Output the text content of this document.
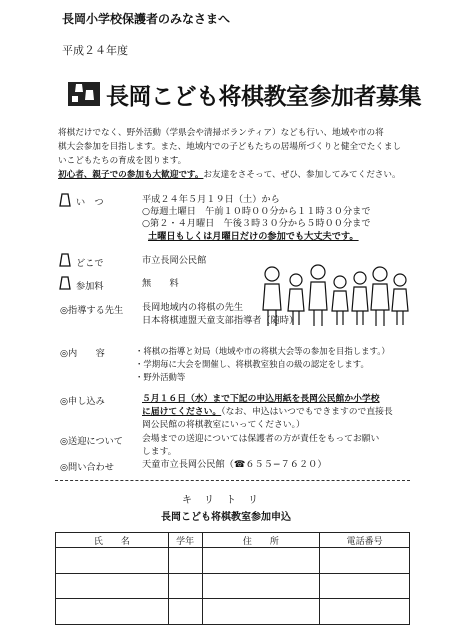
長岡小学校保護者のみなさまへ
平成２４年度
長岡こども将棋教室参加者募集
将棋だけでなく、野外活動（学県会や清掃ボランティア）なども行い、地域や市の将
棋大会参加を目指します。また、地域内での子どもたちの居場所づくりと健全でたくまし
いこどもたちの育成を図ります。
初心者、親子での参加も大歓迎です。お友達をさそって、ぜひ、参加してみてください。
い　つ	平成２４年５月１９日（土）から
○毎週土曜日　午前１０時００分から１１時３０分まで
○第２・４月曜日　午後３時３０分から５時００分まで
土曜日もしくは月曜日だけの参加でも大丈夫です。
どこで	市立長岡公民館
参加料	無　　料
◎指導する先生 長岡地域内の将棋の先生
日本将棋連盟天童支部指導者（随時）
◎内　　容	・将棋の指導と対局（地域や市の将棋大会等の参加を目指します。）
・学期毎に大会を開催し、将棋教室独自の級の認定をします。
・野外活動等
◎申し込み	５月１６日（水）まで下記の申込用紙を長岡公民館か小学校
に届けてください。（なお、申込はいつでもできますので直接長
岡公民館の将棋教室にいってください。）
◎送迎について 会場までの送迎については保護者の方が責任をもってお願い
します。
◎問い合わせ	天童市立長岡公民館（☎６５５−７６２０）
キリトリ
長岡こども将棋教室参加申込
氏　　名	学年	住　　所	電話番号
